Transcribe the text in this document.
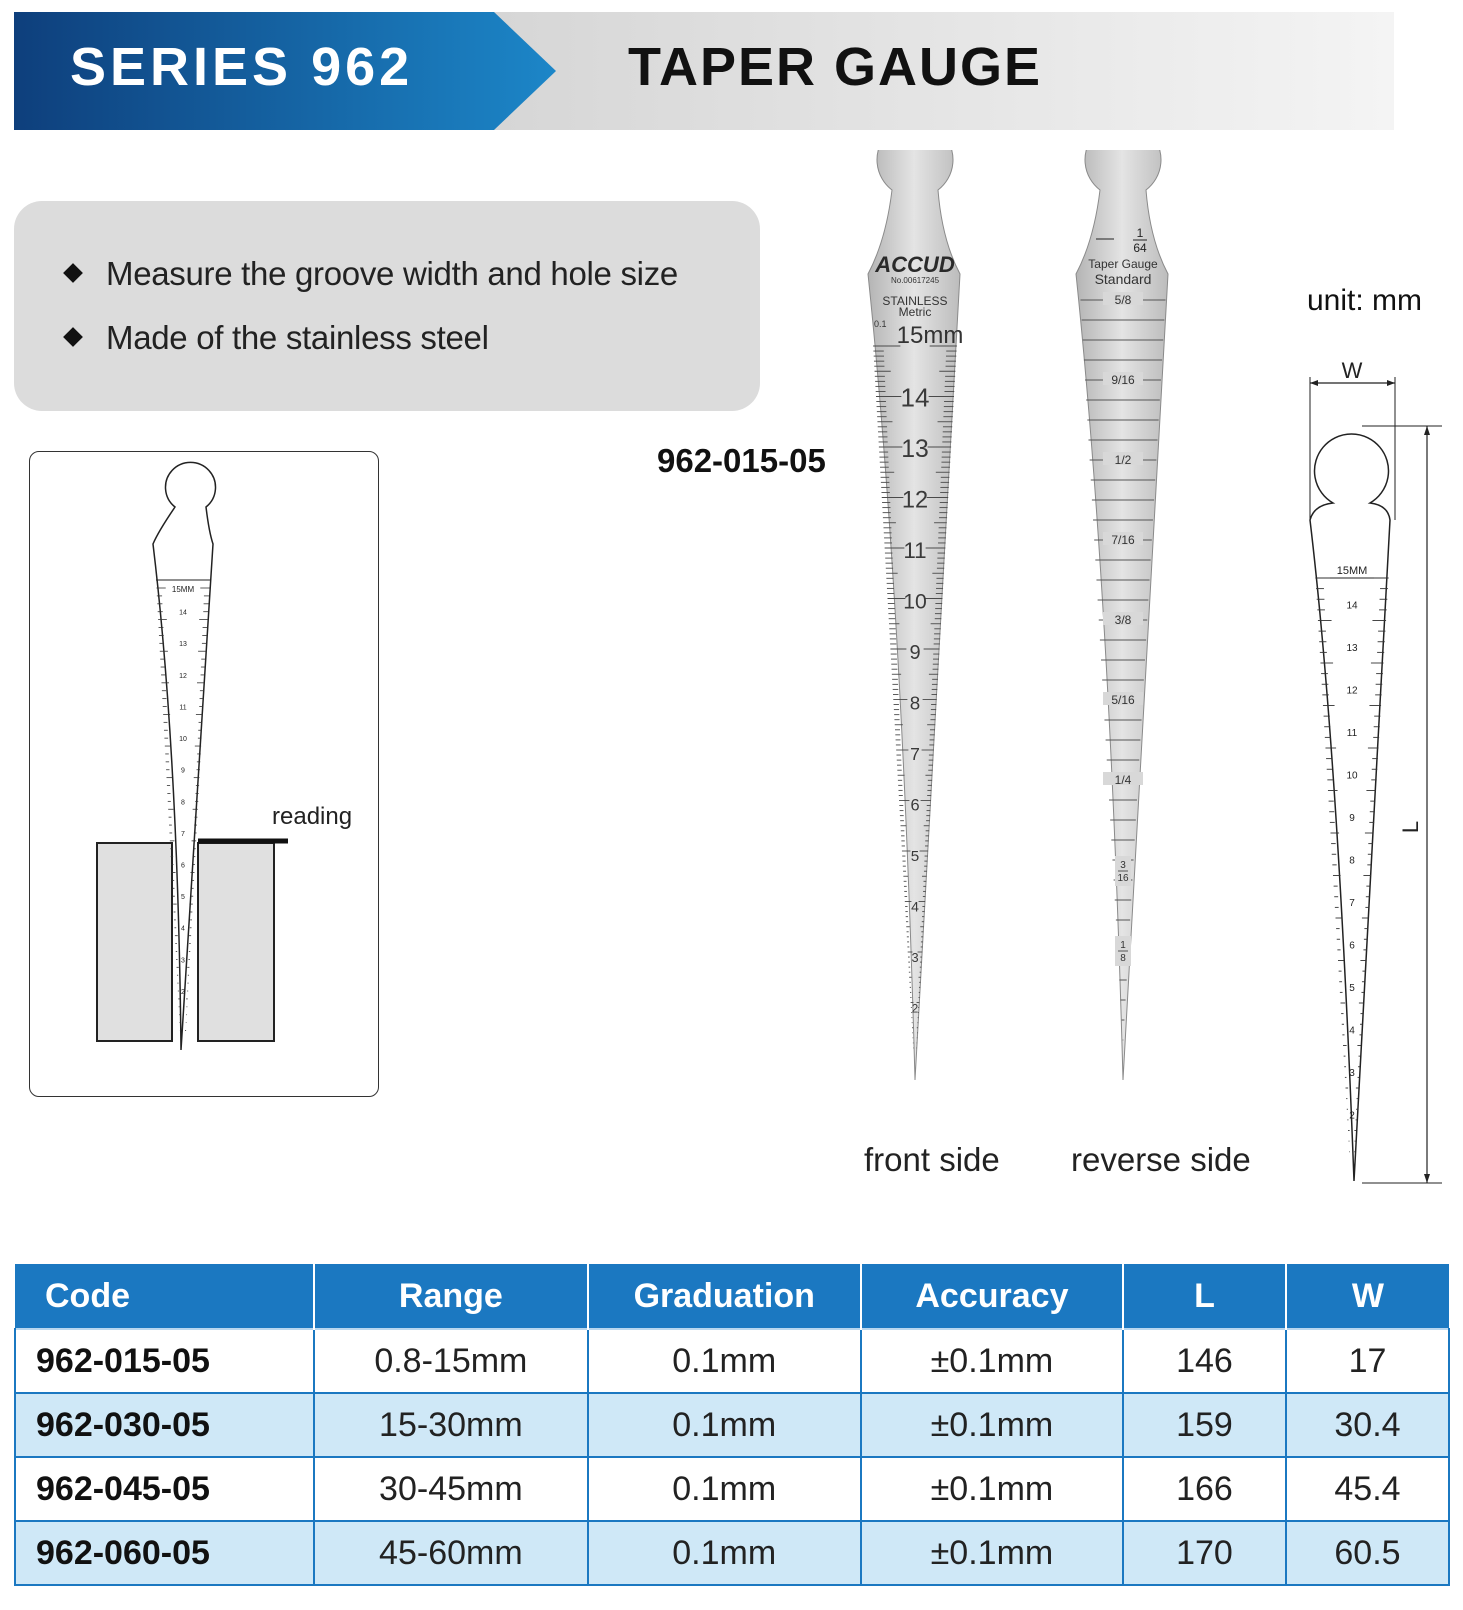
SERIES 962	TAPER GAUGE
Measure the groove width and hole size
Made of the stainless steel
15MM
14
13
12
11
10
9
8
7
6
5
4
3
2
reading
962-015-05
ACCUD
No.00617245
STAINLESS
Metric
0.1 15mm
14
13
12
11
10
9
8
7
6
5
4
3
2
1
64
Taper Gauge
Standard
5/8
9/16
1/2
7/16
3/8
5/16
1/4
3
16
1
8
front side reverse side
unit: mm
W
L
15MM
14
13
12
11
10
9
8
7
6
5
4
3
2
Code	Range	Graduation	Accuracy	L	W
962-015-05	0.8-15mm	0.1mm	±0.1mm	146	17
962-030-05	15-30mm	0.1mm	±0.1mm	159	30.4
962-045-05	30-45mm	0.1mm	±0.1mm	166	45.4
962-060-05	45-60mm	0.1mm	±0.1mm	170	60.5
